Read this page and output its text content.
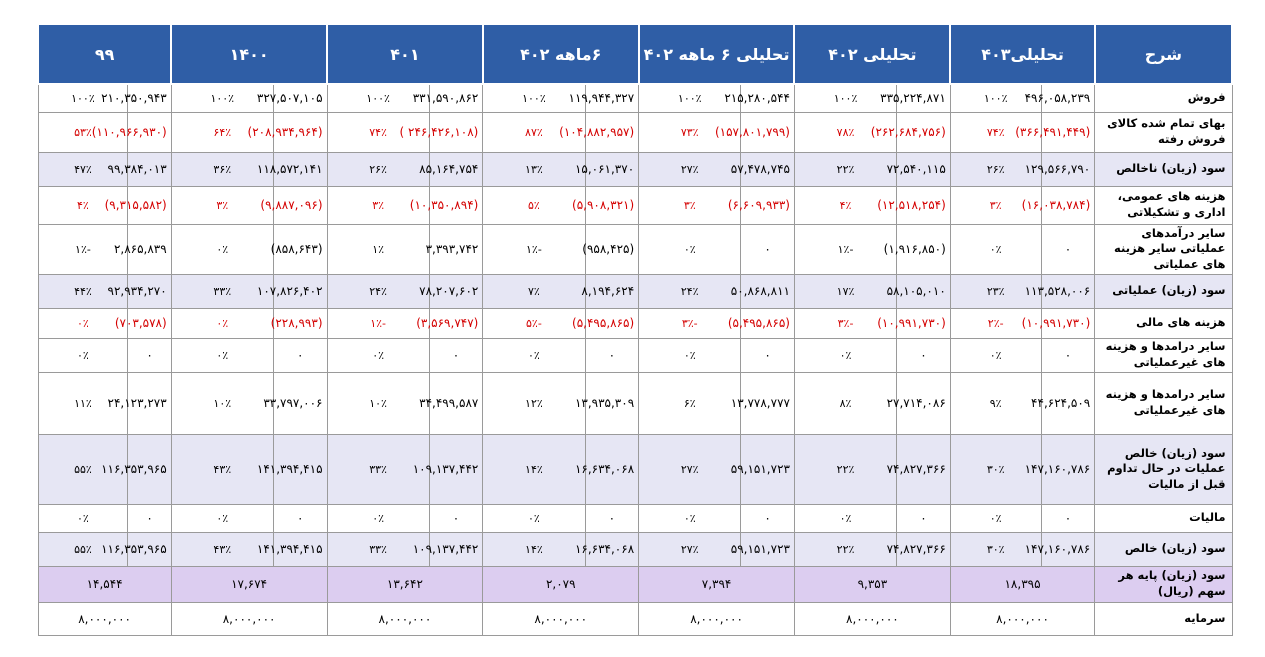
شرح	تحلیلی۴۰۳		تحلیلی ۴۰۲		تحلیلی ۶ ماهه ۴۰۲		۶ماهه ۴۰۲		۴۰۱		۱۴۰۰		۹۹	
فروش	۴۹۶,۰۵۸,۲۳۹	۱۰۰٪	۳۳۵,۲۲۴,۸۷۱	۱۰۰٪	۲۱۵,۲۸۰,۵۴۴	۱۰۰٪	۱۱۹,۹۴۴,۳۲۷	۱۰۰٪	۳۳۱,۵۹۰,۸۶۲	۱۰۰٪	۳۲۷,۵۰۷,۱۰۵	۱۰۰٪	۲۱۰,۳۵۰,۹۴۳	۱۰۰٪
بهای تمام شده کالای فروش رفته	(۳۶۶,۴۹۱,۴۴۹)	۷۴٪	(۲۶۲,۶۸۴,۷۵۶)	۷۸٪	(۱۵۷,۸۰۱,۷۹۹)	۷۳٪	(۱۰۴,۸۸۲,۹۵۷)	۸۷٪	(۲۴۶,۴۲۶,۱۰۸ )	۷۴٪	(۲۰۸,۹۳۴,۹۶۴)	۶۴٪	(۱۱۰,۹۶۶,۹۳۰)	۵۳٪
سود (زیان) ناخالص	۱۲۹,۵۶۶,۷۹۰	۲۶٪	۷۲,۵۴۰,۱۱۵	۲۲٪	۵۷,۴۷۸,۷۴۵	۲۷٪	۱۵,۰۶۱,۳۷۰	۱۳٪	۸۵,۱۶۴,۷۵۴	۲۶٪	۱۱۸,۵۷۲,۱۴۱	۳۶٪	۹۹,۳۸۴,۰۱۳	۴۷٪
هزینه های عمومی، اداری و تشکیلاتی	(۱۶,۰۳۸,۷۸۴)	۳٪	(۱۲,۵۱۸,۲۵۴)	۴٪	(۶,۶۰۹,۹۳۳)	۳٪	(۵,۹۰۸,۳۲۱)	۵٪	(۱۰,۳۵۰,۸۹۴)	۳٪	(۹,۸۸۷,۰۹۶)	۳٪	(۹,۳۱۵,۵۸۲)	۴٪
سایر درآمدهای عملیاتی سایر هزینه های عملیاتی	۰	۰٪	(۱,۹۱۶,۸۵۰)	-۱٪	۰	۰٪	(۹۵۸,۴۲۵)	-۱٪	۳,۳۹۳,۷۴۲	۱٪	(۸۵۸,۶۴۳)	۰٪	۲,۸۶۵,۸۳۹	-۱٪
سود (زیان) عملیاتی	۱۱۳,۵۲۸,۰۰۶	۲۳٪	۵۸,۱۰۵,۰۱۰	۱۷٪	۵۰,۸۶۸,۸۱۱	۲۴٪	۸,۱۹۴,۶۲۴	۷٪	۷۸,۲۰۷,۶۰۲	۲۴٪	۱۰۷,۸۲۶,۴۰۲	۳۳٪	۹۲,۹۳۴,۲۷۰	۴۴٪
هزینه های مالی	(۱۰,۹۹۱,۷۳۰)	-۲٪	(۱۰,۹۹۱,۷۳۰)	-۳٪	(۵,۴۹۵,۸۶۵)	-۳٪	(۵,۴۹۵,۸۶۵)	-۵٪	(۳,۵۶۹,۷۴۷)	-۱٪	(۲۲۸,۹۹۳)	۰٪	(۷۰۳,۵۷۸)	۰٪
سایر درامدها و هزینه های غیرعملیاتی	۰	۰٪	۰	۰٪	۰	۰٪	۰	۰٪	۰	۰٪	۰	۰٪	۰	۰٪
سایر درامدها و هزینه های غیرعملیاتی	۴۴,۶۲۴,۵۰۹	۹٪	۲۷,۷۱۴,۰۸۶	۸٪	۱۳,۷۷۸,۷۷۷	۶٪	۱۳,۹۳۵,۳۰۹	۱۲٪	۳۴,۴۹۹,۵۸۷	۱۰٪	۳۳,۷۹۷,۰۰۶	۱۰٪	۲۴,۱۲۳,۲۷۳	۱۱٪
سود (زیان) خالص عملیات در حال تداوم قبل از مالیات	۱۴۷,۱۶۰,۷۸۶	۳۰٪	۷۴,۸۲۷,۳۶۶	۲۲٪	۵۹,۱۵۱,۷۲۳	۲۷٪	۱۶,۶۳۴,۰۶۸	۱۴٪	۱۰۹,۱۳۷,۴۴۲	۳۳٪	۱۴۱,۳۹۴,۴۱۵	۴۳٪	۱۱۶,۳۵۳,۹۶۵	۵۵٪
مالیات	۰	۰٪	۰	۰٪	۰	۰٪	۰	۰٪	۰	۰٪	۰	۰٪	۰	۰٪
سود (زیان) خالص	۱۴۷,۱۶۰,۷۸۶	۳۰٪	۷۴,۸۲۷,۳۶۶	۲۲٪	۵۹,۱۵۱,۷۲۳	۲۷٪	۱۶,۶۳۴,۰۶۸	۱۴٪	۱۰۹,۱۳۷,۴۴۲	۳۳٪	۱۴۱,۳۹۴,۴۱۵	۴۳٪	۱۱۶,۳۵۳,۹۶۵	۵۵٪
سود (زیان) پایه هر سهم (ریال)	۱۸,۳۹۵		۹,۳۵۳		۷,۳۹۴		۲,۰۷۹		۱۳,۶۴۲		۱۷,۶۷۴		۱۴,۵۴۴	
سرمایه	۸,۰۰۰,۰۰۰		۸,۰۰۰,۰۰۰		۸,۰۰۰,۰۰۰		۸,۰۰۰,۰۰۰		۸,۰۰۰,۰۰۰		۸,۰۰۰,۰۰۰		۸,۰۰۰,۰۰۰	
